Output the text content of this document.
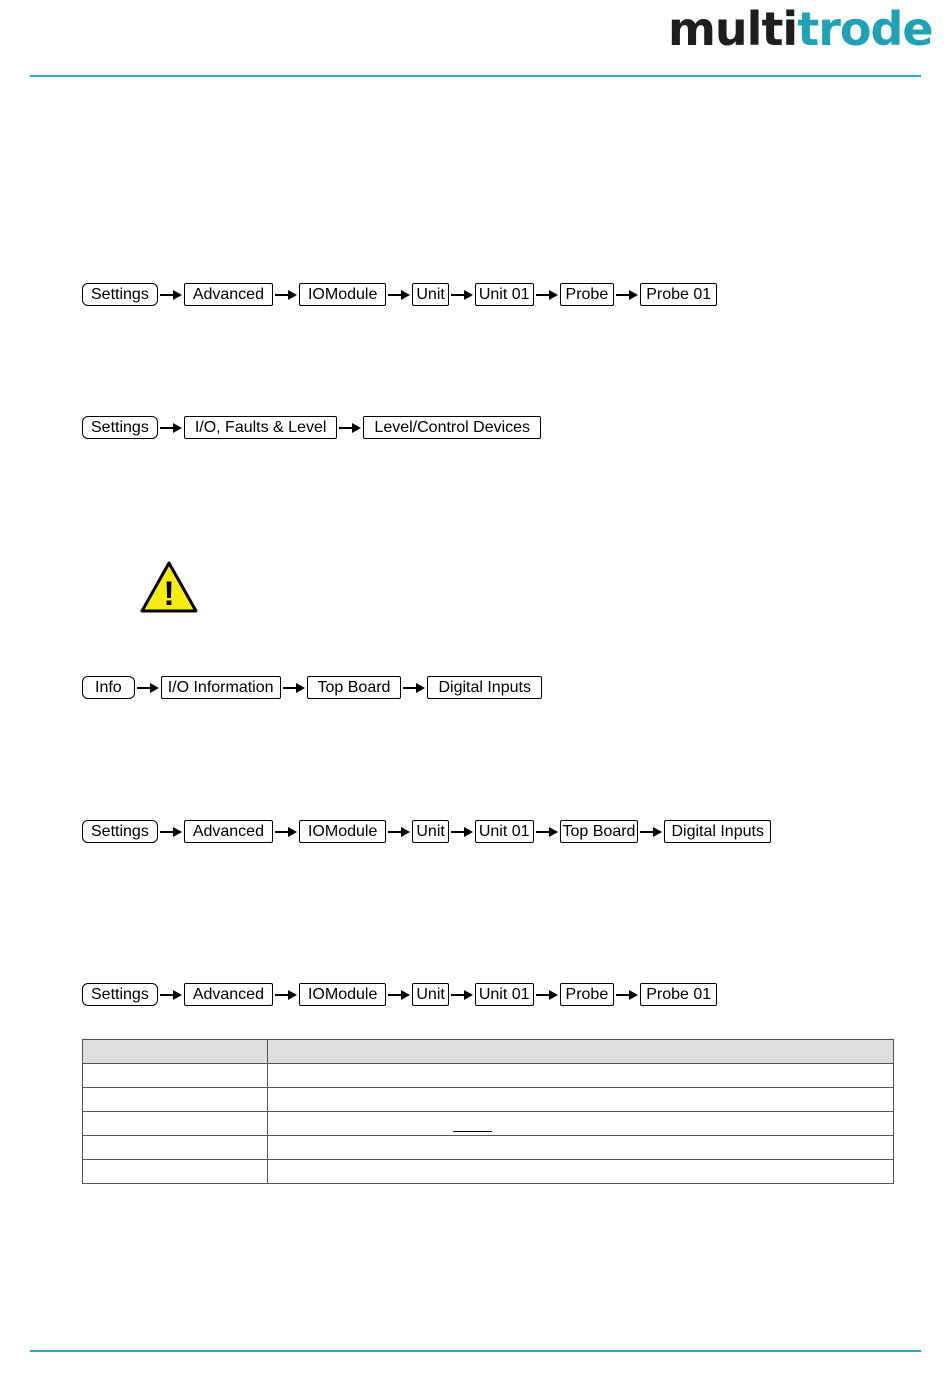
multitrode
Settings	Advanced	IOModule	Unit Unit 01	Probe	Probe 01
Settings	I/O, Faults & Level	Level/Control Devices
!
Info	I/O Information	Top Board	Digital Inputs
Settings	Advanced	IOModule	Unit Unit 01 Top Board	Digital Inputs
Settings	Advanced	IOModule	Unit Unit 01	Probe	Probe 01
